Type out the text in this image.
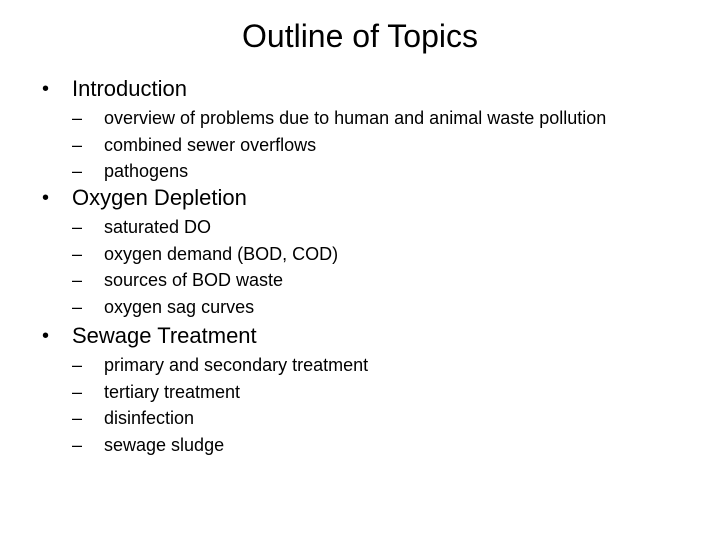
Outline of Topics
• Introduction
– overview of problems due to human and animal waste pollution
– combined sewer overflows
– pathogens
• Oxygen Depletion
– saturated DO
– oxygen demand (BOD, COD)
– sources of BOD waste
– oxygen sag curves
• Sewage Treatment
– primary and secondary treatment
– tertiary treatment
– disinfection
– sewage sludge
